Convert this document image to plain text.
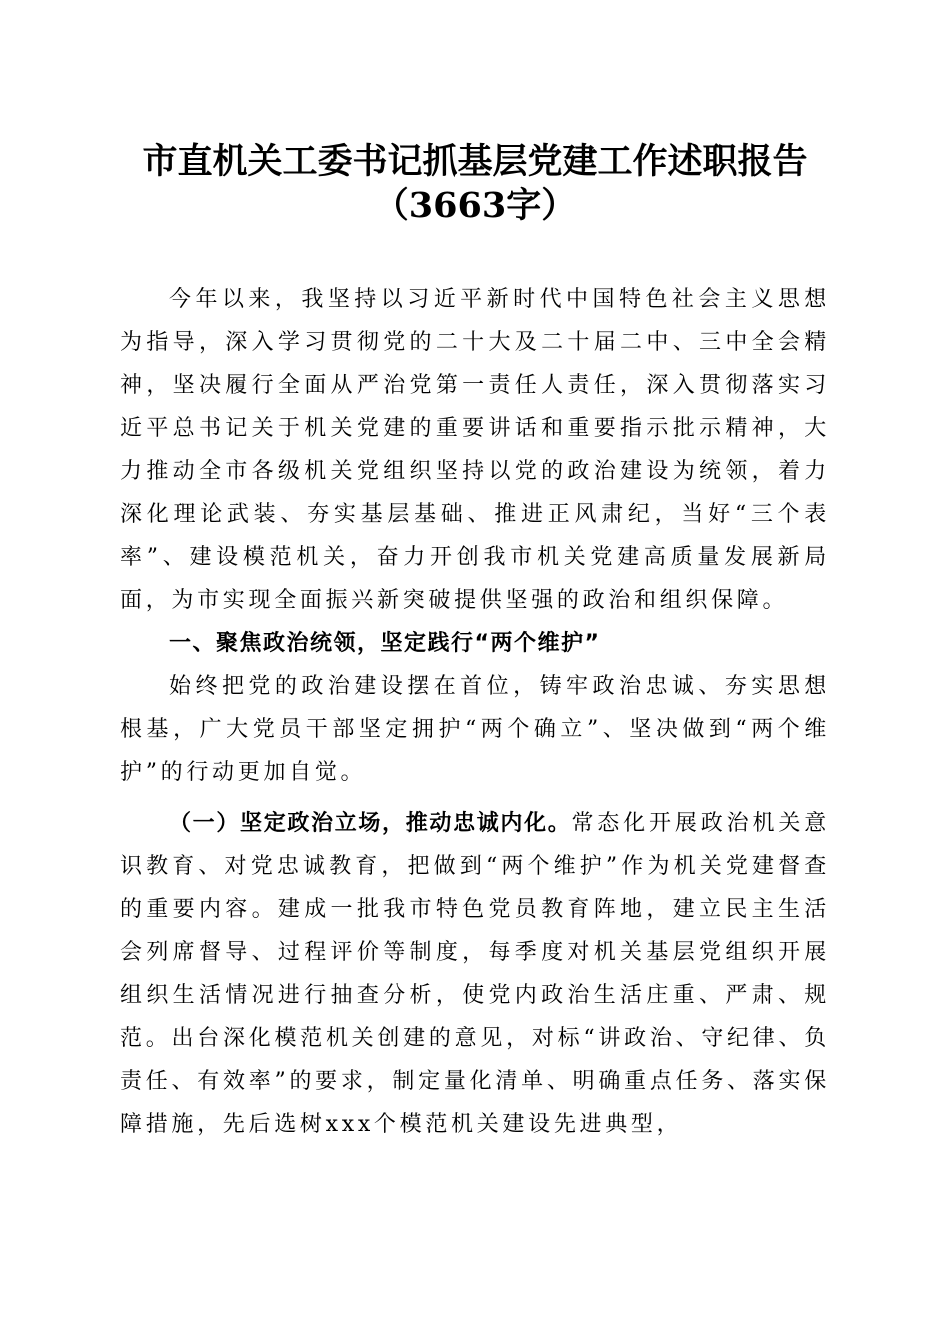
市直机关工委书记抓基层党建工作述职报告
（3663字）

今年以来，我坚持以习近平新时代中国特色社会主义思想为指导，深入学习贯彻党的二十大及二十届二中、三中全会精神，坚决履行全面从严治党第一责任人责任，深入贯彻落实习近平总书记关于机关党建的重要讲话和重要指示批示精神，大力推动全市各级机关党组织坚持以党的政治建设为统领，着力深化理论武装、夯实基层基础、推进正风肃纪，当好“三个表率”、建设模范机关，奋力开创我市机关党建高质量发展新局面，为市实现全面振兴新突破提供坚强的政治和组织保障。

一、聚焦政治统领，坚定践行“两个维护”

始终把党的政治建设摆在首位，铸牢政治忠诚、夯实思想根基，广大党员干部坚定拥护“两个确立”、坚决做到“两个维护”的行动更加自觉。

（一）坚定政治立场，推动忠诚内化。常态化开展政治机关意识教育、对党忠诚教育，把做到“两个维护”作为机关党建督查的重要内容。建成一批我市特色党员教育阵地，建立民主生活会列席督导、过程评价等制度，每季度对机关基层党组织开展组织生活情况进行抽查分析，使党内政治生活庄重、严肃、规范。出台深化模范机关创建的意见，对标“讲政治、守纪律、负责任、有效率”的要求，制定量化清单、明确重点任务、落实保障措施，先后选树xxx个模范机关建设先进典型，
